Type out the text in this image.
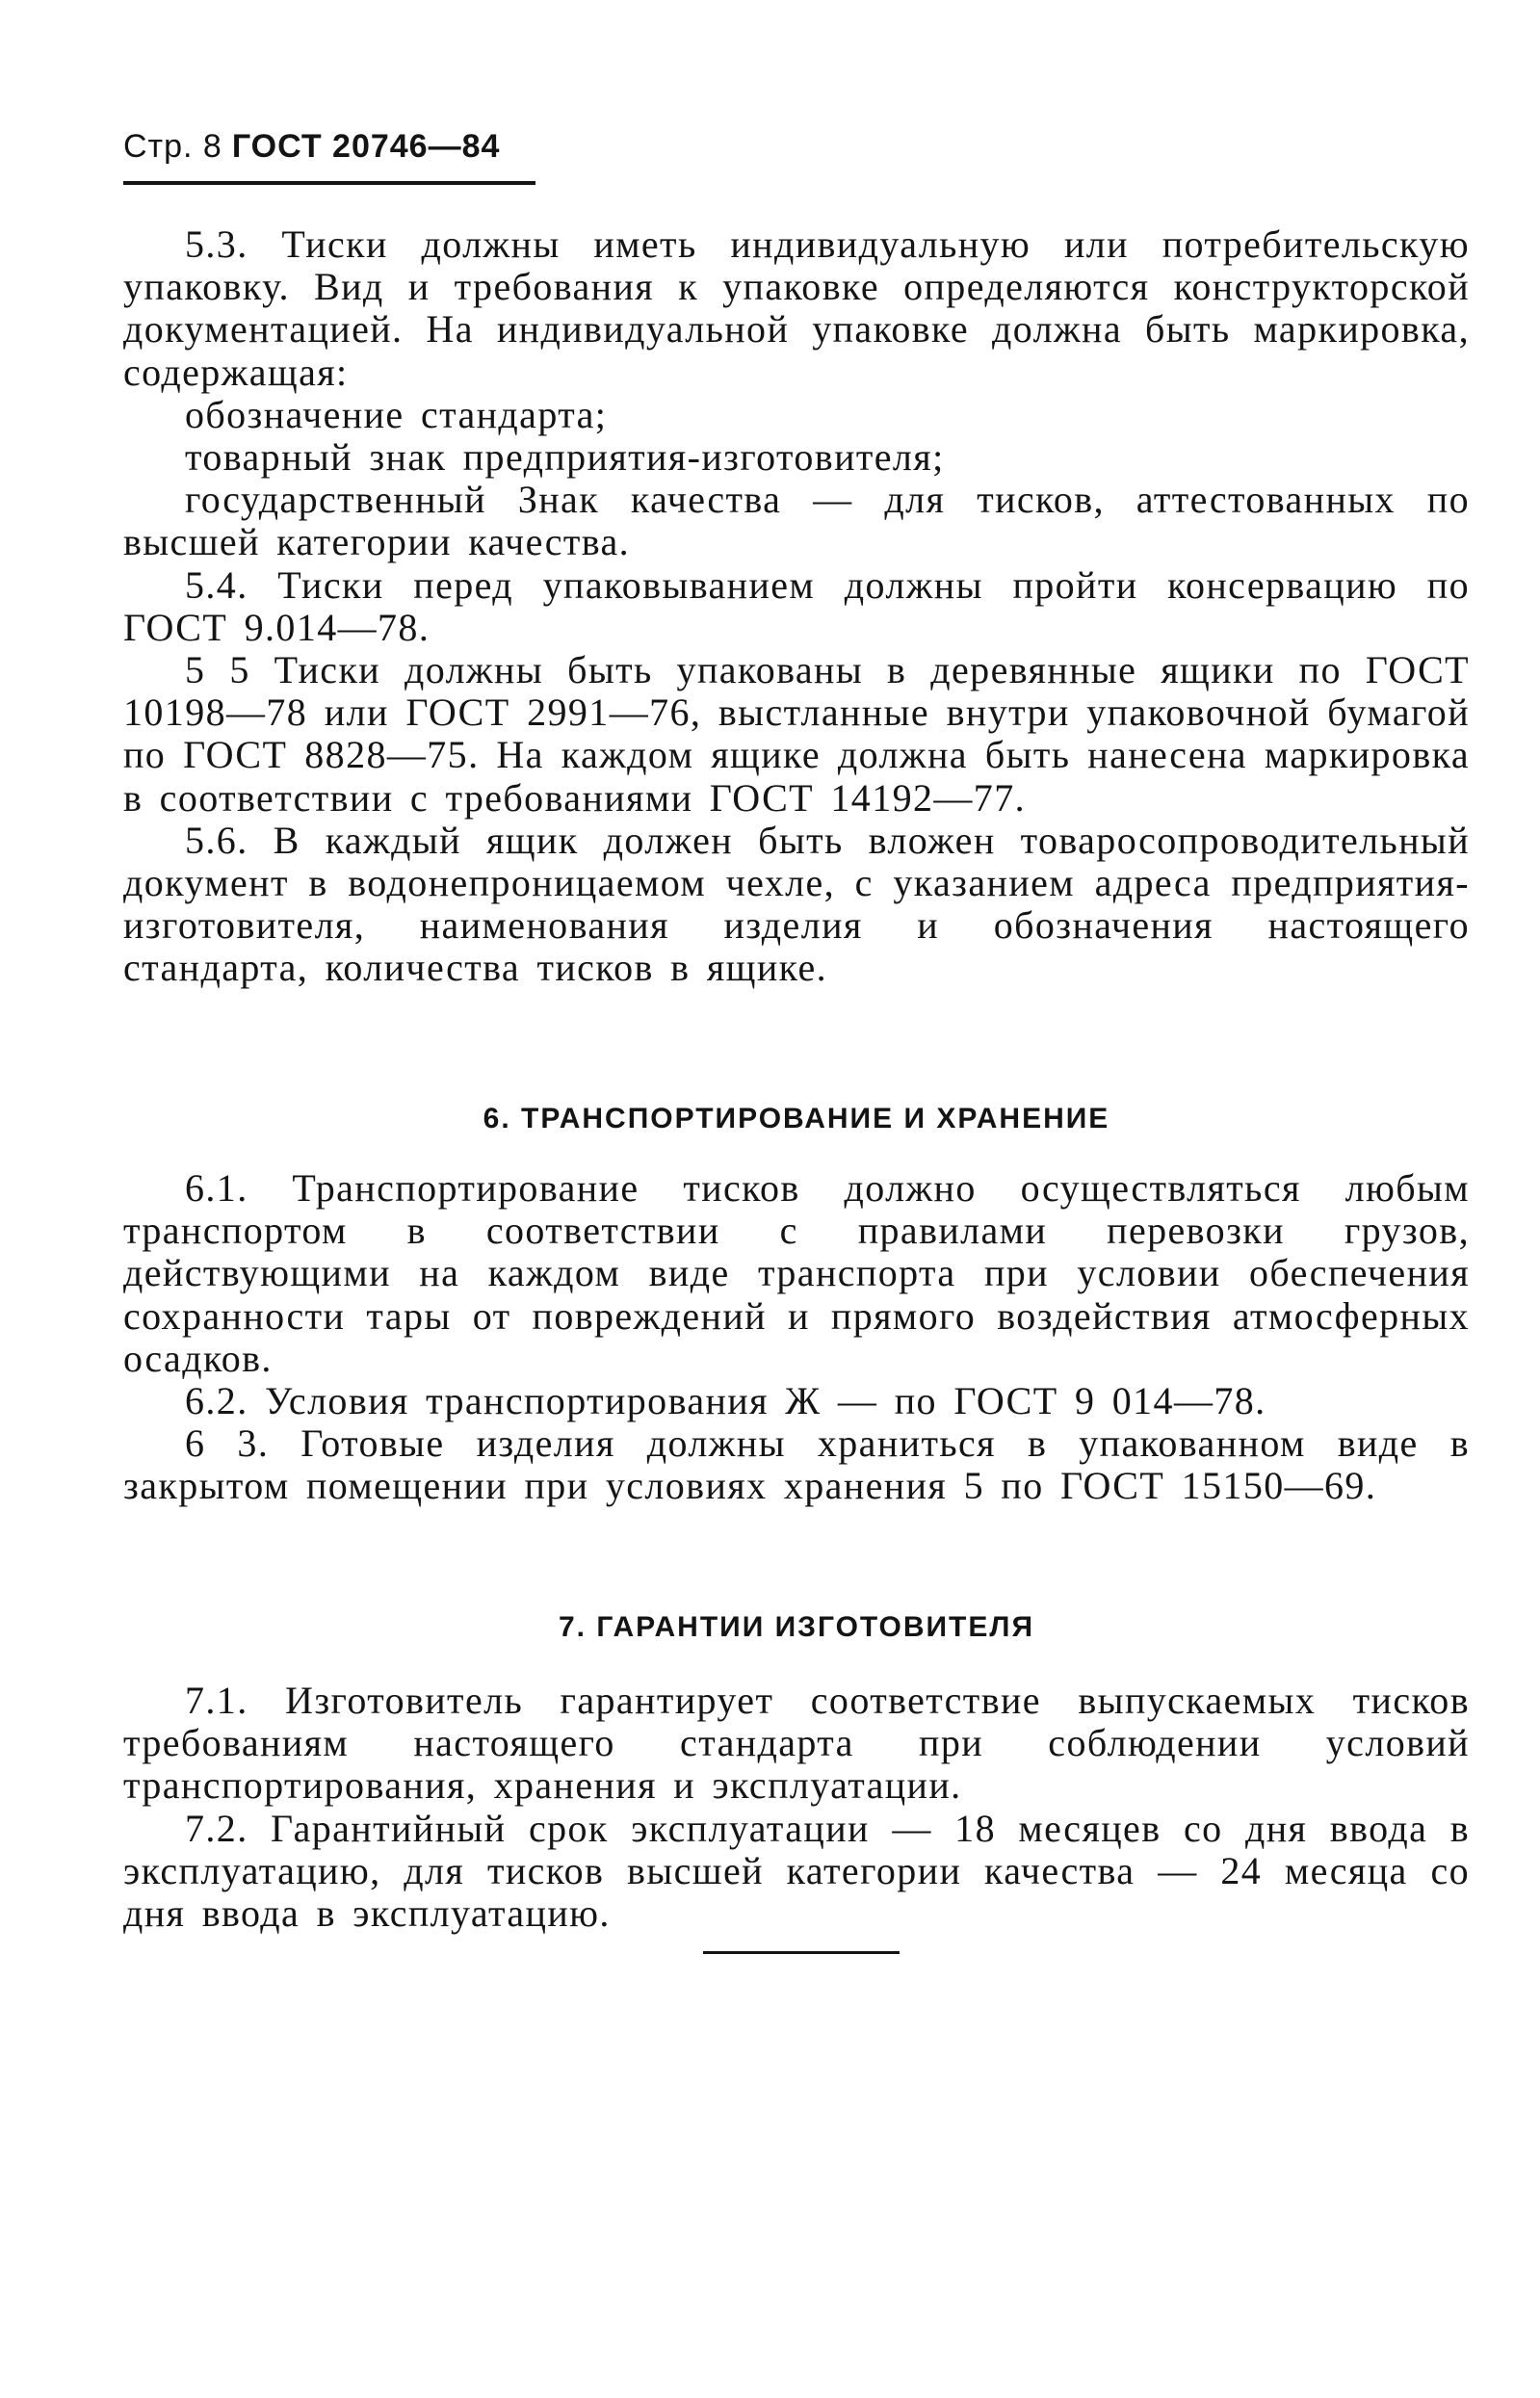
Стр. 8 ГОСТ 20746—84

5.3. Тиски должны иметь индивидуальную или потребительскую упаковку. Вид и требования к упаковке определяются конструкторской документацией. На индивидуальной упаковке должна быть маркировка, содержащая:

обозначение стандарта;

товарный знак предприятия-изготовителя;

государственный Знак качества — для тисков, аттестованных по высшей категории качества.

5.4. Тиски перед упаковыванием должны пройти консервацию по ГОСТ 9.014—78.

5 5 Тиски должны быть упакованы в деревянные ящики по ГОСТ 10198—78 или ГОСТ 2991—76, выстланные внутри упаковочной бумагой по ГОСТ 8828—75. На каждом ящике должна быть нанесена маркировка в соответствии с требованиями ГОСТ 14192—77.

5.6. В каждый ящик должен быть вложен товаросопроводительный документ в водонепроницаемом чехле, с указанием адреса предприятия-изготовителя, наименования изделия и обозначения настоящего стандарта, количества тисков в ящике.

6. ТРАНСПОРТИРОВАНИЕ И ХРАНЕНИЕ

6.1. Транспортирование тисков должно осуществляться любым транспортом в соответствии с правилами перевозки грузов, действующими на каждом виде транспорта при условии обеспечения сохранности тары от повреждений и прямого воздействия атмосферных осадков.

6.2. Условия транспортирования Ж — по ГОСТ 9 014—78.

6 3. Готовые изделия должны храниться в упакованном виде в закрытом помещении при условиях хранения 5 по ГОСТ 15150—69.

7. ГАРАНТИИ ИЗГОТОВИТЕЛЯ

7.1. Изготовитель гарантирует соответствие выпускаемых тисков требованиям настоящего стандарта при соблюдении условий транспортирования, хранения и эксплуатации.

7.2. Гарантийный срок эксплуатации — 18 месяцев со дня ввода в эксплуатацию, для тисков высшей категории качества — 24 месяца со дня ввода в эксплуатацию.
